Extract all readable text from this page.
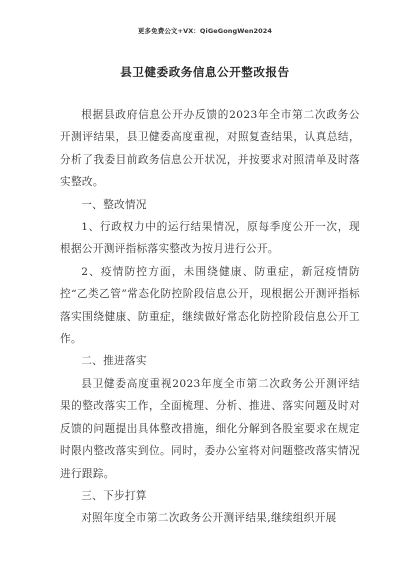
更多免费公文+VX：QiGeGongWen2024
县卫健委政务信息公开整改报告

根据县政府信息公开办反馈的2023年全市第二次政务公开测评结果，县卫健委高度重视，对照复查结果，认真总结，分析了我委目前政务信息公开状况，并按要求对照清单及时落实整改。

一、整改情况

1、行政权力中的运行结果情况，原每季度公开一次，现根据公开测评指标落实整改为按月进行公开。

2、疫情防控方面，未围绕健康、防重症，新冠疫情防控“乙类乙管”常态化防控阶段信息公开，现根据公开测评指标落实围绕健康、防重症，继续做好常态化防控阶段信息公开工作。

二、推进落实

县卫健委高度重视2023年度全市第二次政务公开测评结果的整改落实工作，全面梳理、分析、推进、落实问题及时对反馈的问题提出具体整改措施，细化分解到各股室要求在规定时限内整改落实到位。同时，委办公室将对问题整改落实情况进行跟踪。

三、下步打算

对照年度全市第二次政务公开测评结果,继续组织开展
